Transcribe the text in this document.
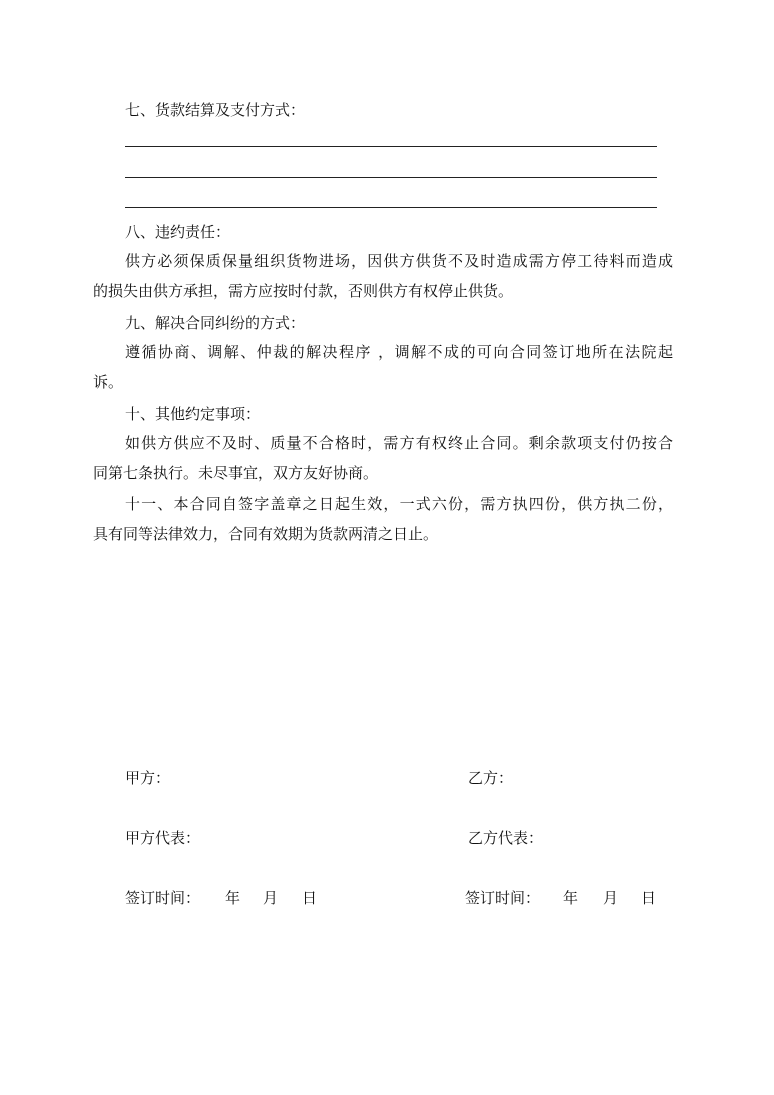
七、货款结算及支付方式：
八、违约责任：
供方必须保质保量组织货物进场，因供方供货不及时造成需方停工待料而造成
的损失由供方承担，需方应按时付款，否则供方有权停止供货。
九、解决合同纠纷的方式：
遵循协商、调解、仲裁的解决程序 ，调解不成的可向合同签订地所在法院起
诉。
十、其他约定事项：
如供方供应不及时、质量不合格时，需方有权终止合同。剩余款项支付仍按合
同第七条执行。未尽事宜，双方友好协商。
十一、本合同自签字盖章之日起生效，一式六份，需方执四份，供方执二份，
具有同等法律效力，合同有效期为货款两清之日止。
甲方：	乙方：
甲方代表：	乙方代表：
签订时间： 年 月 日	签订时间： 年 月 日
